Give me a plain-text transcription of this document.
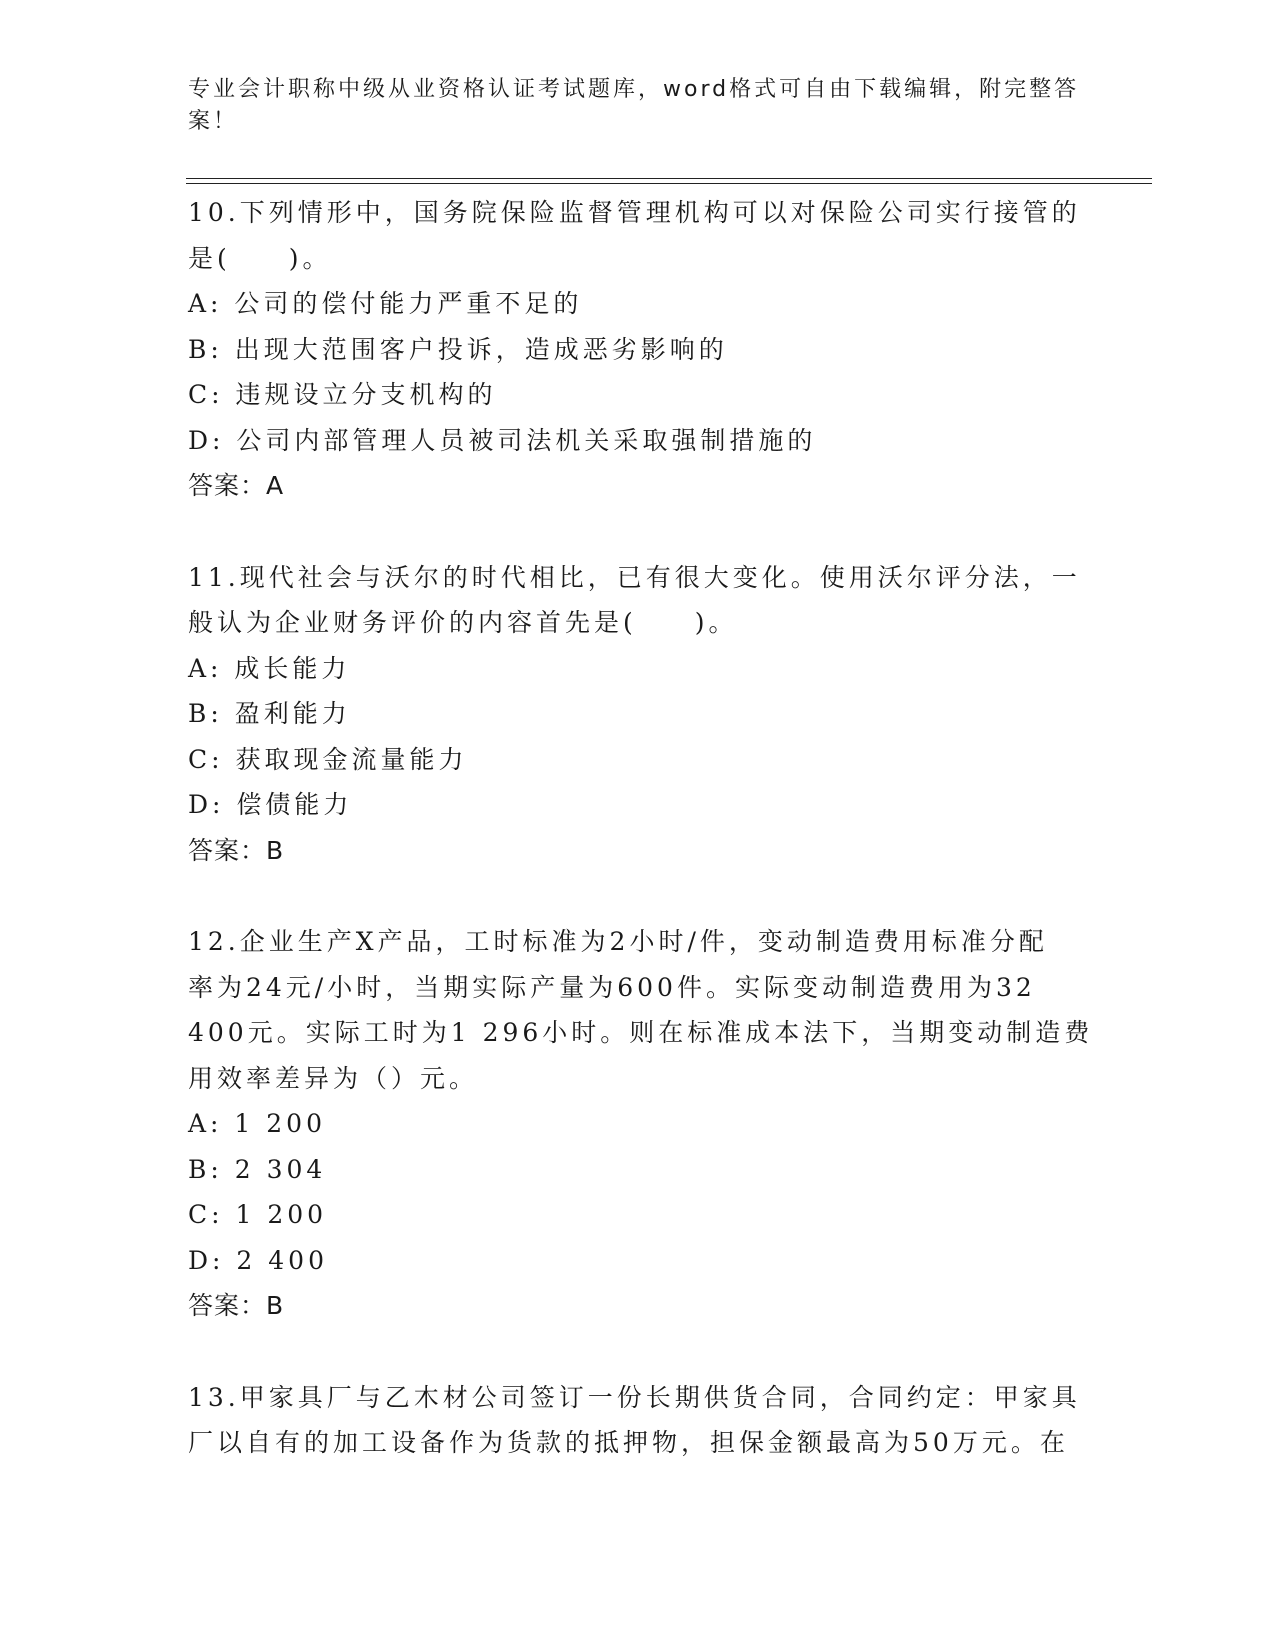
专业会计职称中级从业资格认证考试题库，word格式可自由下载编辑，附完整答
案！
10.下列情形中，国务院保险监督管理机构可以对保险公司实行接管的
是(　　)。
A: 公司的偿付能力严重不足的
B: 出现大范围客户投诉，造成恶劣影响的
C: 违规设立分支机构的
D: 公司内部管理人员被司法机关采取强制措施的
答案：A
11.现代社会与沃尔的时代相比，已有很大变化。使用沃尔评分法，一
般认为企业财务评价的内容首先是(　　)。
A: 成长能力
B: 盈利能力
C: 获取现金流量能力
D: 偿债能力
答案：B
12.企业生产X产品，工时标准为2小时/件，变动制造费用标准分配
率为24元/小时，当期实际产量为600件。实际变动制造费用为32
400元。实际工时为1 296小时。则在标准成本法下，当期变动制造费
用效率差异为（）元。
A: 1 200
B: 2 304
C: 1 200
D: 2 400
答案：B
13.甲家具厂与乙木材公司签订一份长期供货合同，合同约定：甲家具
厂以自有的加工设备作为货款的抵押物，担保金额最高为50万元。在
